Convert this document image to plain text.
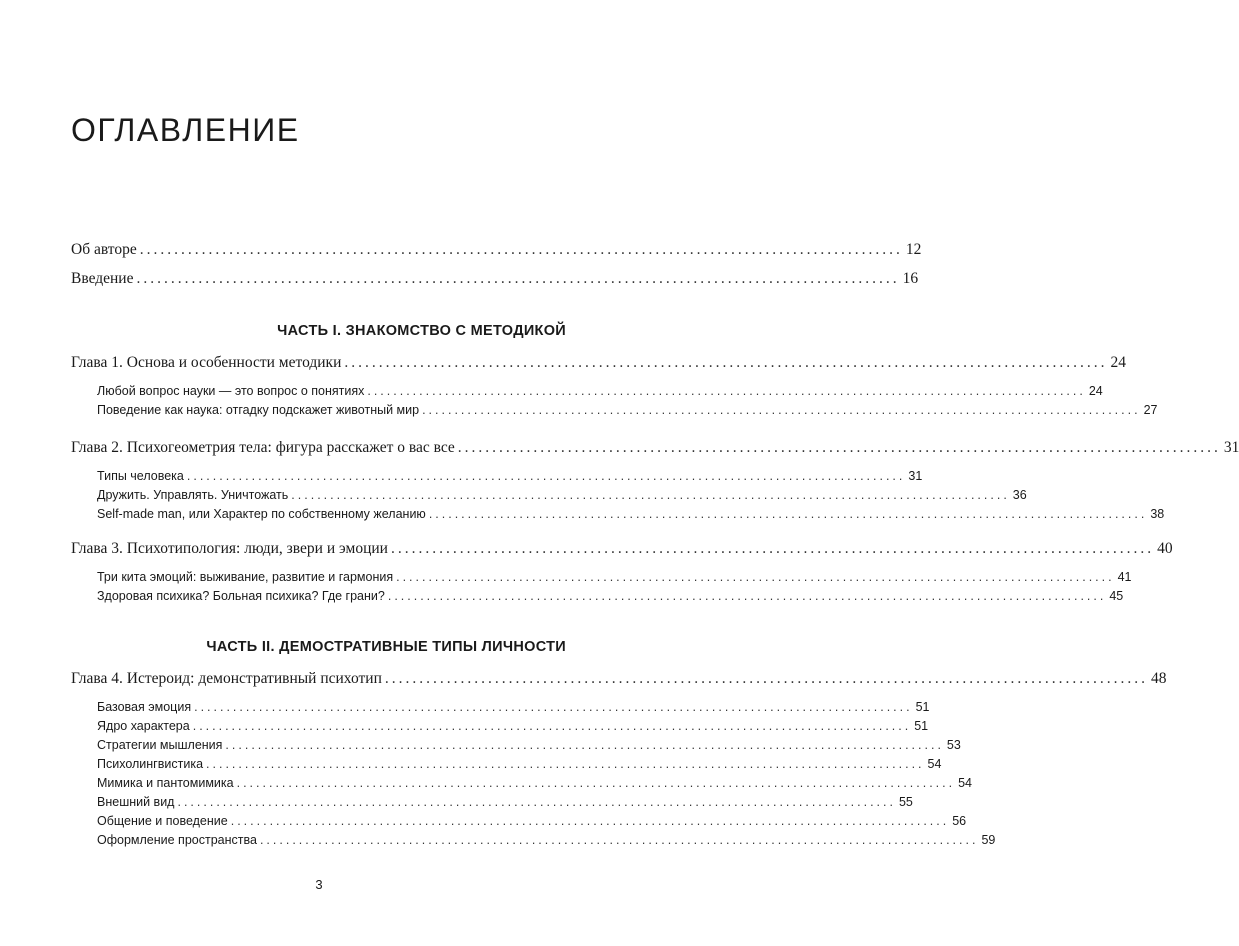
ОГЛАВЛЕНИЕ
Об авторе ............................................................................................................... 12
Введение ............................................................................................................... 16
ЧАСТЬ I. ЗНАКОМСТВО С МЕТОДИКОЙ
Глава 1. Основа и особенности методики ............................................................................................................... 24
Любой вопрос науки — это вопрос о понятиях ............................................................................................................... 24
Поведение как наука: отгадку подскажет животный мир ............................................................................................................... 27
Глава 2. Психогеометрия тела: фигура расскажет о вас все ............................................................................................................... 31
Типы человека ............................................................................................................... 31
Дружить. Управлять. Уничтожать ............................................................................................................... 36
Self-made man, или Характер по собственному желанию ............................................................................................................... 38
Глава 3. Психотипология: люди, звери и эмоции ............................................................................................................... 40
Три кита эмоций: выживание, развитие и гармония ............................................................................................................... 41
Здоровая психика? Больная психика? Где грани? ............................................................................................................... 45
ЧАСТЬ II. ДЕМОСТРАТИВНЫЕ ТИПЫ ЛИЧНОСТИ
Глава 4. Истероид: демонстративный психотип ............................................................................................................... 48
Базовая эмоция ............................................................................................................... 51
Ядро характера ............................................................................................................... 51
Стратегии мышления ............................................................................................................... 53
Психолингвистика ............................................................................................................... 54
Мимика и пантомимика ............................................................................................................... 54
Внешний вид ............................................................................................................... 55
Общение и поведение ............................................................................................................... 56
Оформление пространства ............................................................................................................... 59
3
